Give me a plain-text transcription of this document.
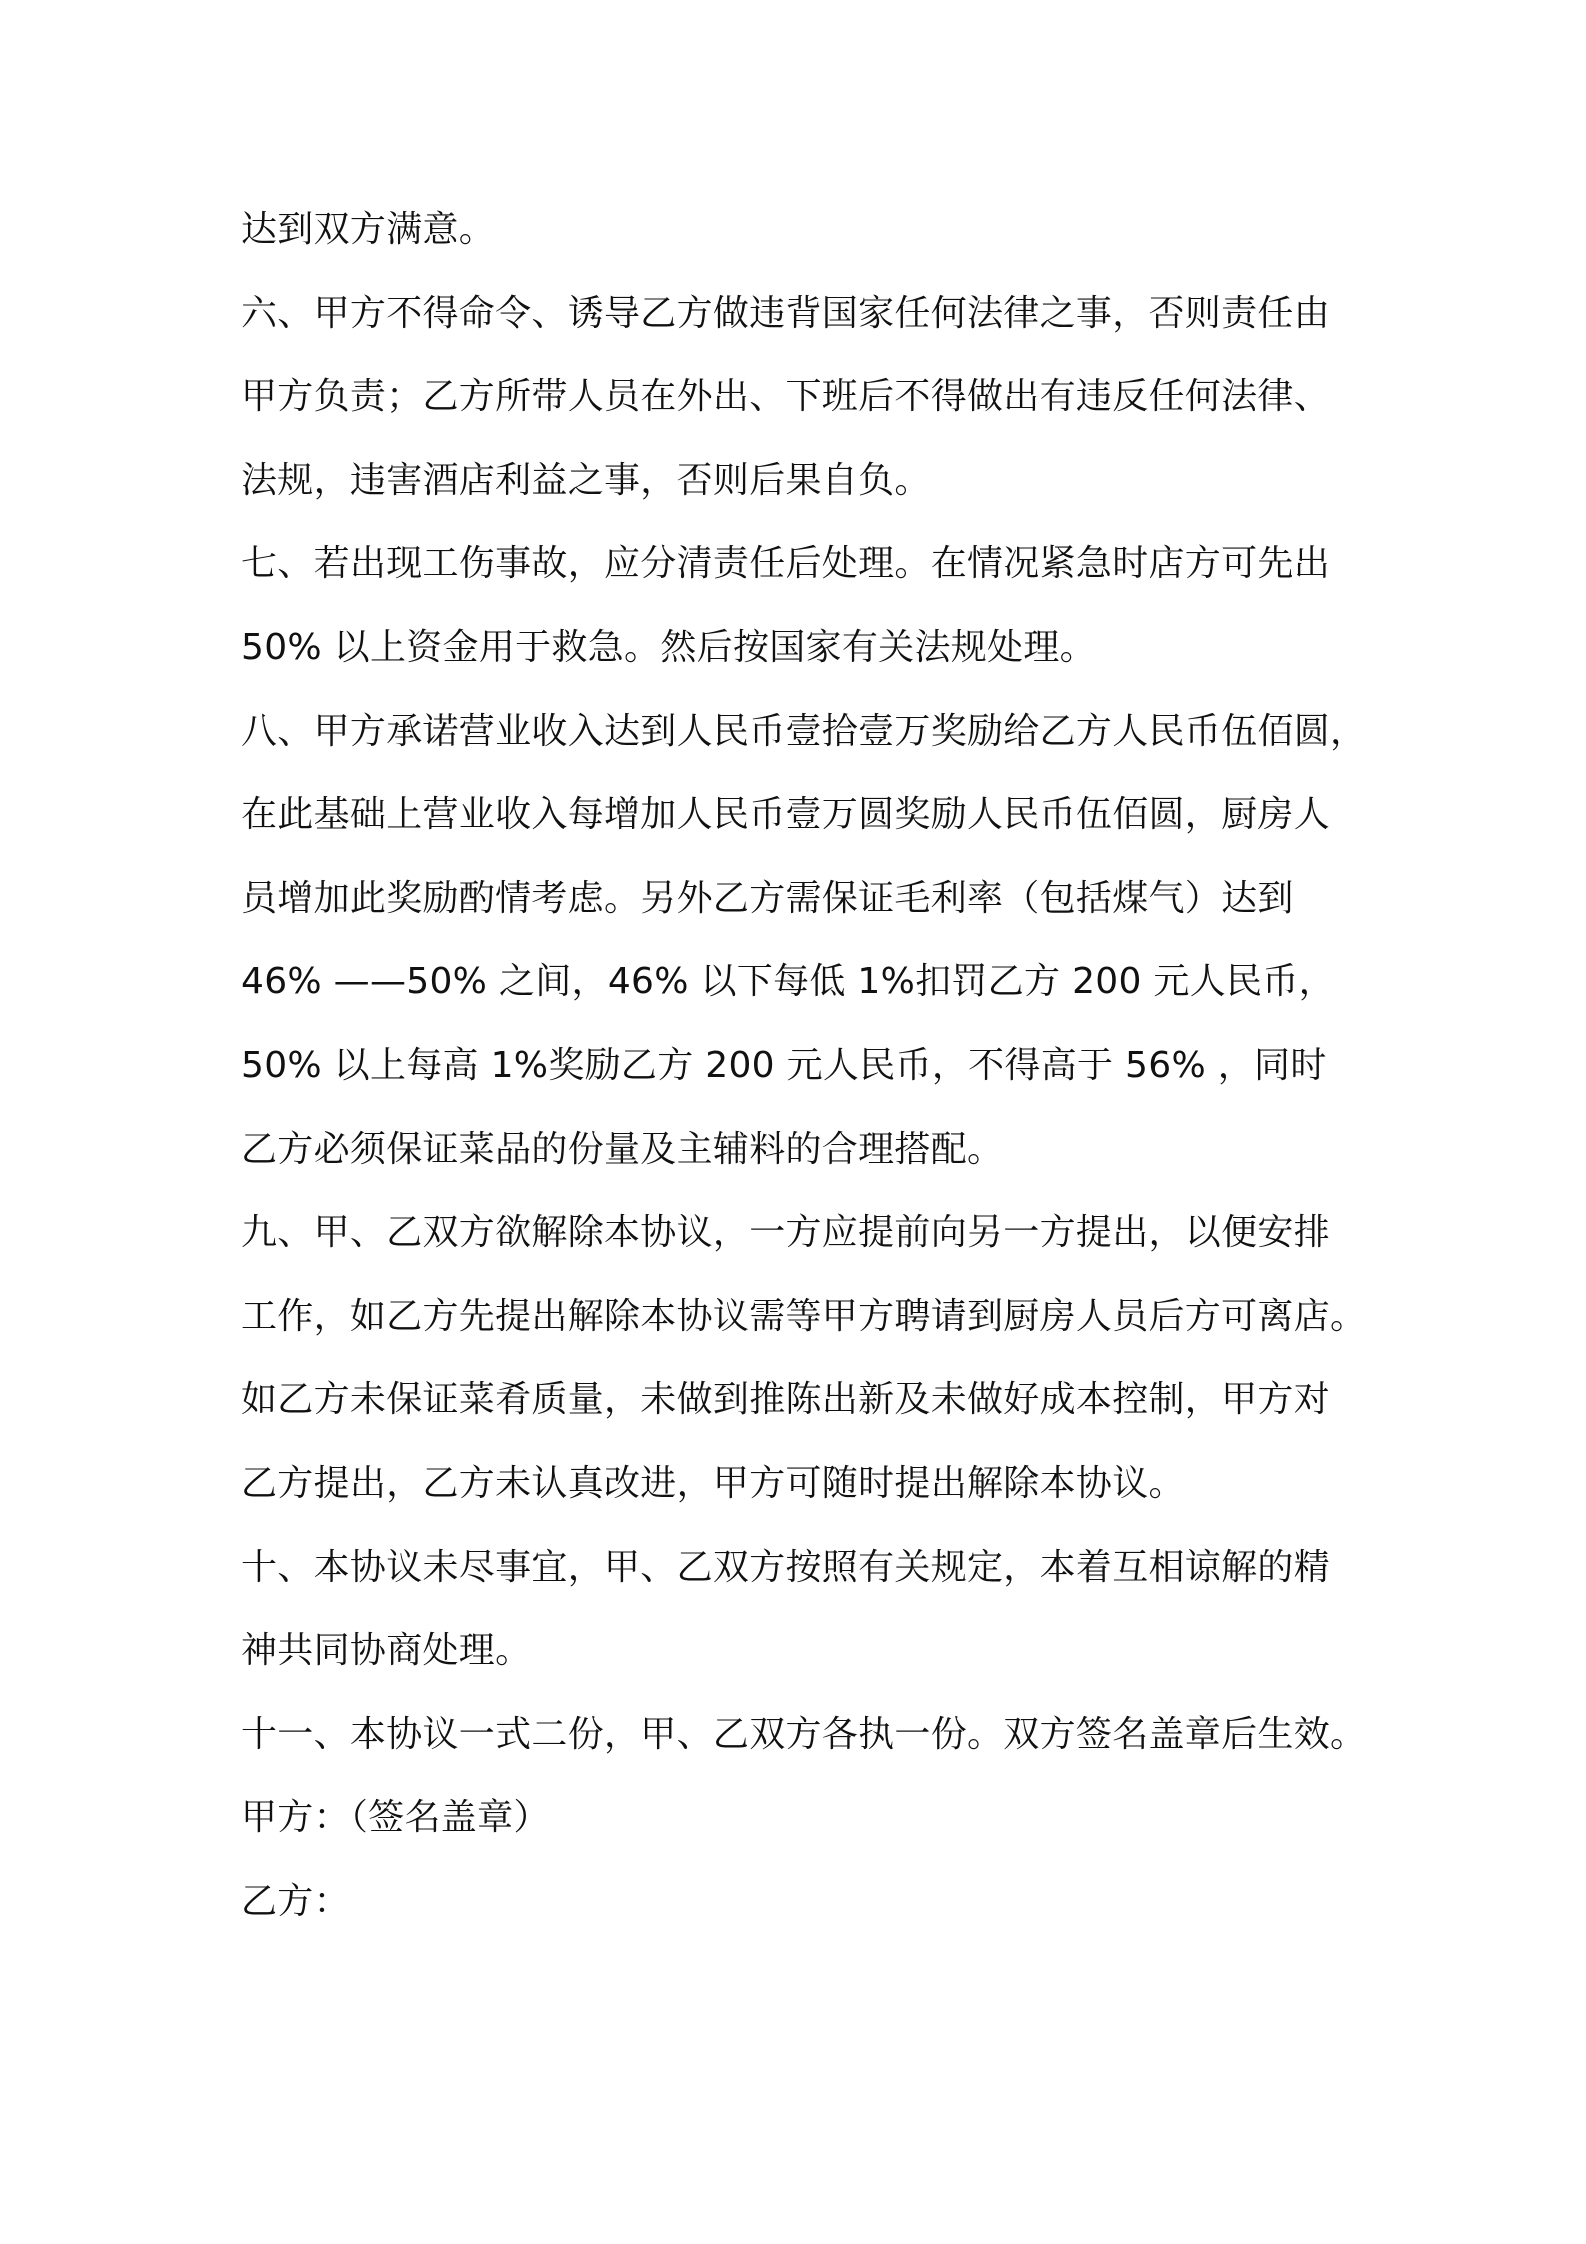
达到双方满意。
六、甲方不得命令、诱导乙方做违背国家任何法律之事，否则责任由
甲方负责；乙方所带人员在外出、下班后不得做出有违反任何法律、
法规，违害酒店利益之事，否则后果自负。
七、若出现工伤事故，应分清责任后处理。在情况紧急时店方可先出
50% 以上资金用于救急。然后按国家有关法规处理。
八、甲方承诺营业收入达到人民币壹拾壹万奖励给乙方人民币伍佰圆，
在此基础上营业收入每增加人民币壹万圆奖励人民币伍佰圆，厨房人
员增加此奖励酌情考虑。另外乙方需保证毛利率（包括煤气）达到
46% ——50% 之间，46% 以下每低 1%扣罚乙方 200 元人民币，
50% 以上每高 1%奖励乙方 200 元人民币，不得高于 56% ，同时
乙方必须保证菜品的份量及主辅料的合理搭配。
九、甲、乙双方欲解除本协议，一方应提前向另一方提出，以便安排
工作，如乙方先提出解除本协议需等甲方聘请到厨房人员后方可离店。
如乙方未保证菜肴质量，未做到推陈出新及未做好成本控制，甲方对
乙方提出，乙方未认真改进，甲方可随时提出解除本协议。
十、本协议未尽事宜，甲、乙双方按照有关规定，本着互相谅解的精
神共同协商处理。
十一、本协议一式二份，甲、乙双方各执一份。双方签名盖章后生效。
甲方：（签名盖章）
乙方：
